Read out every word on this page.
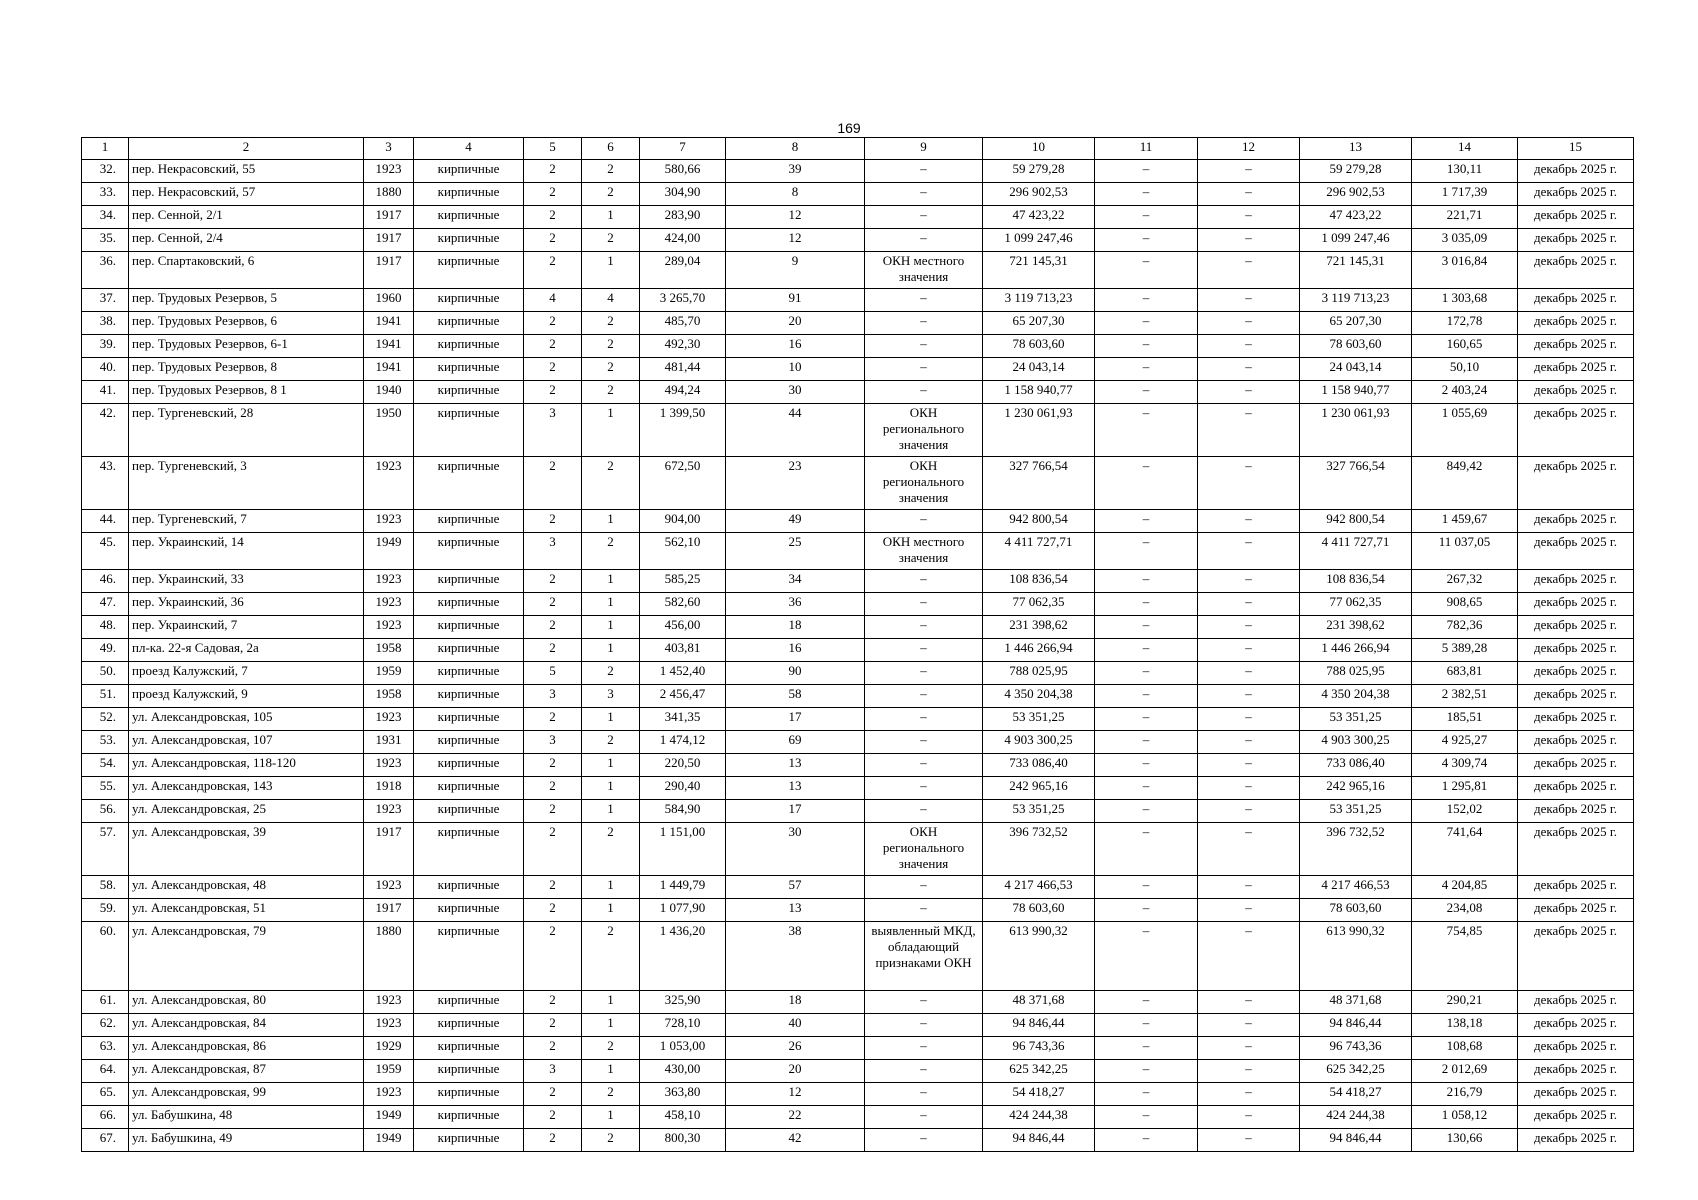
169
1	2	3	4	5	6	7	8	9	10	11	12	13	14	15
32.	пер. Некрасовский, 55	1923	кирпичные	2	2	580,66	39	–	59 279,28	–	–	59 279,28	130,11	декабрь 2025 г.
33.	пер. Некрасовский, 57	1880	кирпичные	2	2	304,90	8	–	296 902,53	–	–	296 902,53	1 717,39	декабрь 2025 г.
34.	пер. Сенной, 2/1	1917	кирпичные	2	1	283,90	12	–	47 423,22	–	–	47 423,22	221,71	декабрь 2025 г.
35.	пер. Сенной, 2/4	1917	кирпичные	2	2	424,00	12	–	1 099 247,46	–	–	1 099 247,46	3 035,09	декабрь 2025 г.
36.	пер. Спартаковский, 6	1917	кирпичные	2	1	289,04	9	ОКН местного значения	721 145,31	–	–	721 145,31	3 016,84	декабрь 2025 г.
37.	пер. Трудовых Резервов, 5	1960	кирпичные	4	4	3 265,70	91	–	3 119 713,23	–	–	3 119 713,23	1 303,68	декабрь 2025 г.
38.	пер. Трудовых Резервов, 6	1941	кирпичные	2	2	485,70	20	–	65 207,30	–	–	65 207,30	172,78	декабрь 2025 г.
39.	пер. Трудовых Резервов, 6-1	1941	кирпичные	2	2	492,30	16	–	78 603,60	–	–	78 603,60	160,65	декабрь 2025 г.
40.	пер. Трудовых Резервов, 8	1941	кирпичные	2	2	481,44	10	–	24 043,14	–	–	24 043,14	50,10	декабрь 2025 г.
41.	пер. Трудовых Резервов, 8 1	1940	кирпичные	2	2	494,24	30	–	1 158 940,77	–	–	1 158 940,77	2 403,24	декабрь 2025 г.
42.	пер. Тургеневский, 28	1950	кирпичные	3	1	1 399,50	44	ОКН регионального значения	1 230 061,93	–	–	1 230 061,93	1 055,69	декабрь 2025 г.
43.	пер. Тургеневский, 3	1923	кирпичные	2	2	672,50	23	ОКН регионального значения	327 766,54	–	–	327 766,54	849,42	декабрь 2025 г.
44.	пер. Тургеневский, 7	1923	кирпичные	2	1	904,00	49	–	942 800,54	–	–	942 800,54	1 459,67	декабрь 2025 г.
45.	пер. Украинский, 14	1949	кирпичные	3	2	562,10	25	ОКН местного значения	4 411 727,71	–	–	4 411 727,71	11 037,05	декабрь 2025 г.
46.	пер. Украинский, 33	1923	кирпичные	2	1	585,25	34	–	108 836,54	–	–	108 836,54	267,32	декабрь 2025 г.
47.	пер. Украинский, 36	1923	кирпичные	2	1	582,60	36	–	77 062,35	–	–	77 062,35	908,65	декабрь 2025 г.
48.	пер. Украинский, 7	1923	кирпичные	2	1	456,00	18	–	231 398,62	–	–	231 398,62	782,36	декабрь 2025 г.
49.	пл-ка. 22-я Садовая, 2а	1958	кирпичные	2	1	403,81	16	–	1 446 266,94	–	–	1 446 266,94	5 389,28	декабрь 2025 г.
50.	проезд Калужский, 7	1959	кирпичные	5	2	1 452,40	90	–	788 025,95	–	–	788 025,95	683,81	декабрь 2025 г.
51.	проезд Калужский, 9	1958	кирпичные	3	3	2 456,47	58	–	4 350 204,38	–	–	4 350 204,38	2 382,51	декабрь 2025 г.
52.	ул. Александровская, 105	1923	кирпичные	2	1	341,35	17	–	53 351,25	–	–	53 351,25	185,51	декабрь 2025 г.
53.	ул. Александровская, 107	1931	кирпичные	3	2	1 474,12	69	–	4 903 300,25	–	–	4 903 300,25	4 925,27	декабрь 2025 г.
54.	ул. Александровская, 118-120	1923	кирпичные	2	1	220,50	13	–	733 086,40	–	–	733 086,40	4 309,74	декабрь 2025 г.
55.	ул. Александровская, 143	1918	кирпичные	2	1	290,40	13	–	242 965,16	–	–	242 965,16	1 295,81	декабрь 2025 г.
56.	ул. Александровская, 25	1923	кирпичные	2	1	584,90	17	–	53 351,25	–	–	53 351,25	152,02	декабрь 2025 г.
57.	ул. Александровская, 39	1917	кирпичные	2	2	1 151,00	30	ОКН регионального значения	396 732,52	–	–	396 732,52	741,64	декабрь 2025 г.
58.	ул. Александровская, 48	1923	кирпичные	2	1	1 449,79	57	–	4 217 466,53	–	–	4 217 466,53	4 204,85	декабрь 2025 г.
59.	ул. Александровская, 51	1917	кирпичные	2	1	1 077,90	13	–	78 603,60	–	–	78 603,60	234,08	декабрь 2025 г.
60.	ул. Александровская, 79	1880	кирпичные	2	2	1 436,20	38	выявленный МКД, обладающий признаками ОКН	613 990,32	–	–	613 990,32	754,85	декабрь 2025 г.
61.	ул. Александровская, 80	1923	кирпичные	2	1	325,90	18	–	48 371,68	–	–	48 371,68	290,21	декабрь 2025 г.
62.	ул. Александровская, 84	1923	кирпичные	2	1	728,10	40	–	94 846,44	–	–	94 846,44	138,18	декабрь 2025 г.
63.	ул. Александровская, 86	1929	кирпичные	2	2	1 053,00	26	–	96 743,36	–	–	96 743,36	108,68	декабрь 2025 г.
64.	ул. Александровская, 87	1959	кирпичные	3	1	430,00	20	–	625 342,25	–	–	625 342,25	2 012,69	декабрь 2025 г.
65.	ул. Александровская, 99	1923	кирпичные	2	2	363,80	12	–	54 418,27	–	–	54 418,27	216,79	декабрь 2025 г.
66.	ул. Бабушкина, 48	1949	кирпичные	2	1	458,10	22	–	424 244,38	–	–	424 244,38	1 058,12	декабрь 2025 г.
67.	ул. Бабушкина, 49	1949	кирпичные	2	2	800,30	42	–	94 846,44	–	–	94 846,44	130,66	декабрь 2025 г.
